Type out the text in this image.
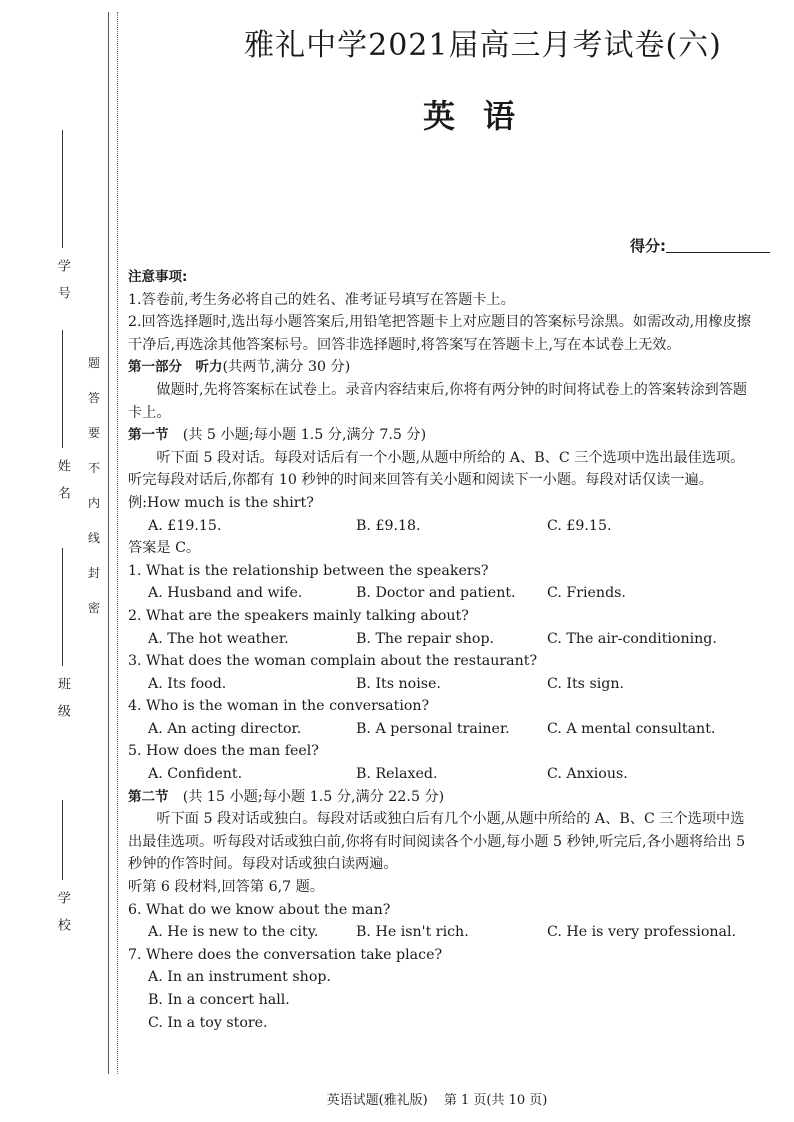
学号
姓名
班级
学校
题
答
要
不
内
线
封
密
雅礼中学2021届高三月考试卷(六)
英语
得分:

注意事项:

1.答卷前,考生务必将自己的姓名、准考证号填写在答题卡上。

2.回答选择题时,选出每小题答案后,用铅笔把答题卡上对应题目的答案标号涂黑。如需改动,用橡皮擦干净后,再选涂其他答案标号。回答非选择题时,将答案写在答题卡上,写在本试卷上无效。

第一部分　听力(共两节,满分 30 分)

做题时,先将答案标在试卷上。录音内容结束后,你将有两分钟的时间将试卷上的答案转涂到答题卡上。

第一节　 (共 5 小题;每小题 1.5 分,满分 7.5 分)

听下面 5 段对话。每段对话后有一个小题,从题中所给的 A、B、C 三个选项中选出最佳选项。听完每段对话后,你都有 10 秒钟的时间来回答有关小题和阅读下一小题。每段对话仅读一遍。

例:How much is the shirt?

A. £19.15.	B. £9.18.	C. £9.15.

答案是 C。

1. What is the relationship between the speakers?

A. Husband and wife.	B. Doctor and patient.	C. Friends.

2. What are the speakers mainly talking about?

A. The hot weather.	B. The repair shop.	C. The air-conditioning.

3. What does the woman complain about the restaurant?

A. Its food.	B. Its noise.	C. Its sign.

4. Who is the woman in the conversation?

A. An acting director.	B. A personal trainer.	C. A mental consultant.

5. How does the man feel?

A. Confident.	B. Relaxed.	C. Anxious.

第二节　 (共 15 小题;每小题 1.5 分,满分 22.5 分)

听下面 5 段对话或独白。每段对话或独白后有几个小题,从题中所给的 A、B、C 三个选项中选出最佳选项。听每段对话或独白前,你将有时间阅读各个小题,每小题 5 秒钟,听完后,各小题将给出 5 秒钟的作答时间。每段对话或独白读两遍。

听第 6 段材料,回答第 6,7 题。

6. What do we know about the man?

A. He is new to the city.	B. He isn't rich.	C. He is very professional.

7. Where does the conversation take place?

A. In an instrument shop.

B. In a concert hall.

C. In a toy store.

英语试题(雅礼版) 第 1 页(共 10 页)
